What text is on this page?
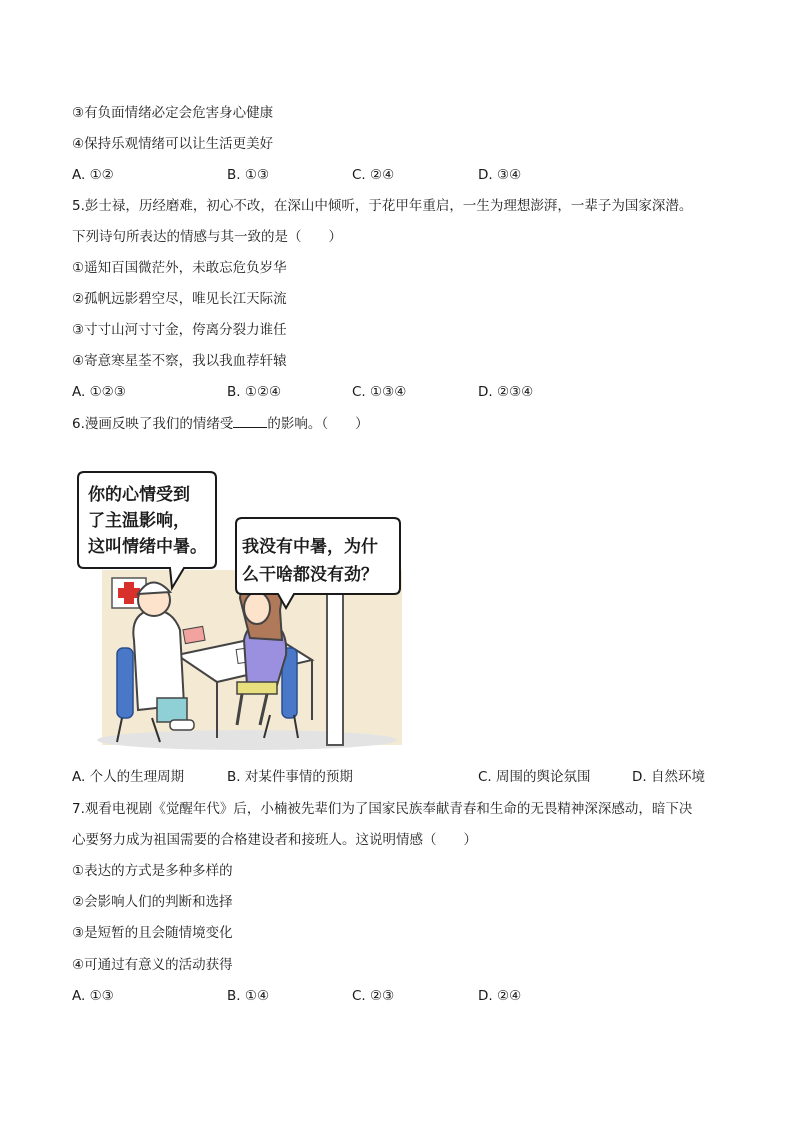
③有负面情绪必定会危害身心健康
④保持乐观情绪可以让生活更美好
A. ①②	B. ①③	C. ②④	D. ③④
5.彭士禄，历经磨难，初心不改，在深山中倾听，于花甲年重启，一生为理想澎湃，一辈子为国家深潜。
下列诗句所表达的情感与其一致的是（　　）
①遥知百国微茫外，未敢忘危负岁华
②孤帆远影碧空尽，唯见长江天际流
③寸寸山河寸寸金，侉离分裂力谁任
④寄意寒星荃不察，我以我血荐轩辕
A. ①②③	B. ①②④	C. ①③④	D. ②③④
6.漫画反映了我们的情绪受	的影响。（　　）
你的心情受到
了主温影响，
这叫情绪中暑。 我没有中暑，为什
么干啥都没有劲？
A. 个人的生理周期	B. 对某件事情的预期	C. 周围的舆论氛围	D. 自然环境
7.观看电视剧《觉醒年代》后，小楠被先辈们为了国家民族奉献青春和生命的无畏精神深深感动，暗下决
心要努力成为祖国需要的合格建设者和接班人。这说明情感（　　）
①表达的方式是多种多样的
②会影响人们的判断和选择
③是短暂的且会随情境变化
④可通过有意义的活动获得
A. ①③	B. ①④	C. ②③	D. ②④
